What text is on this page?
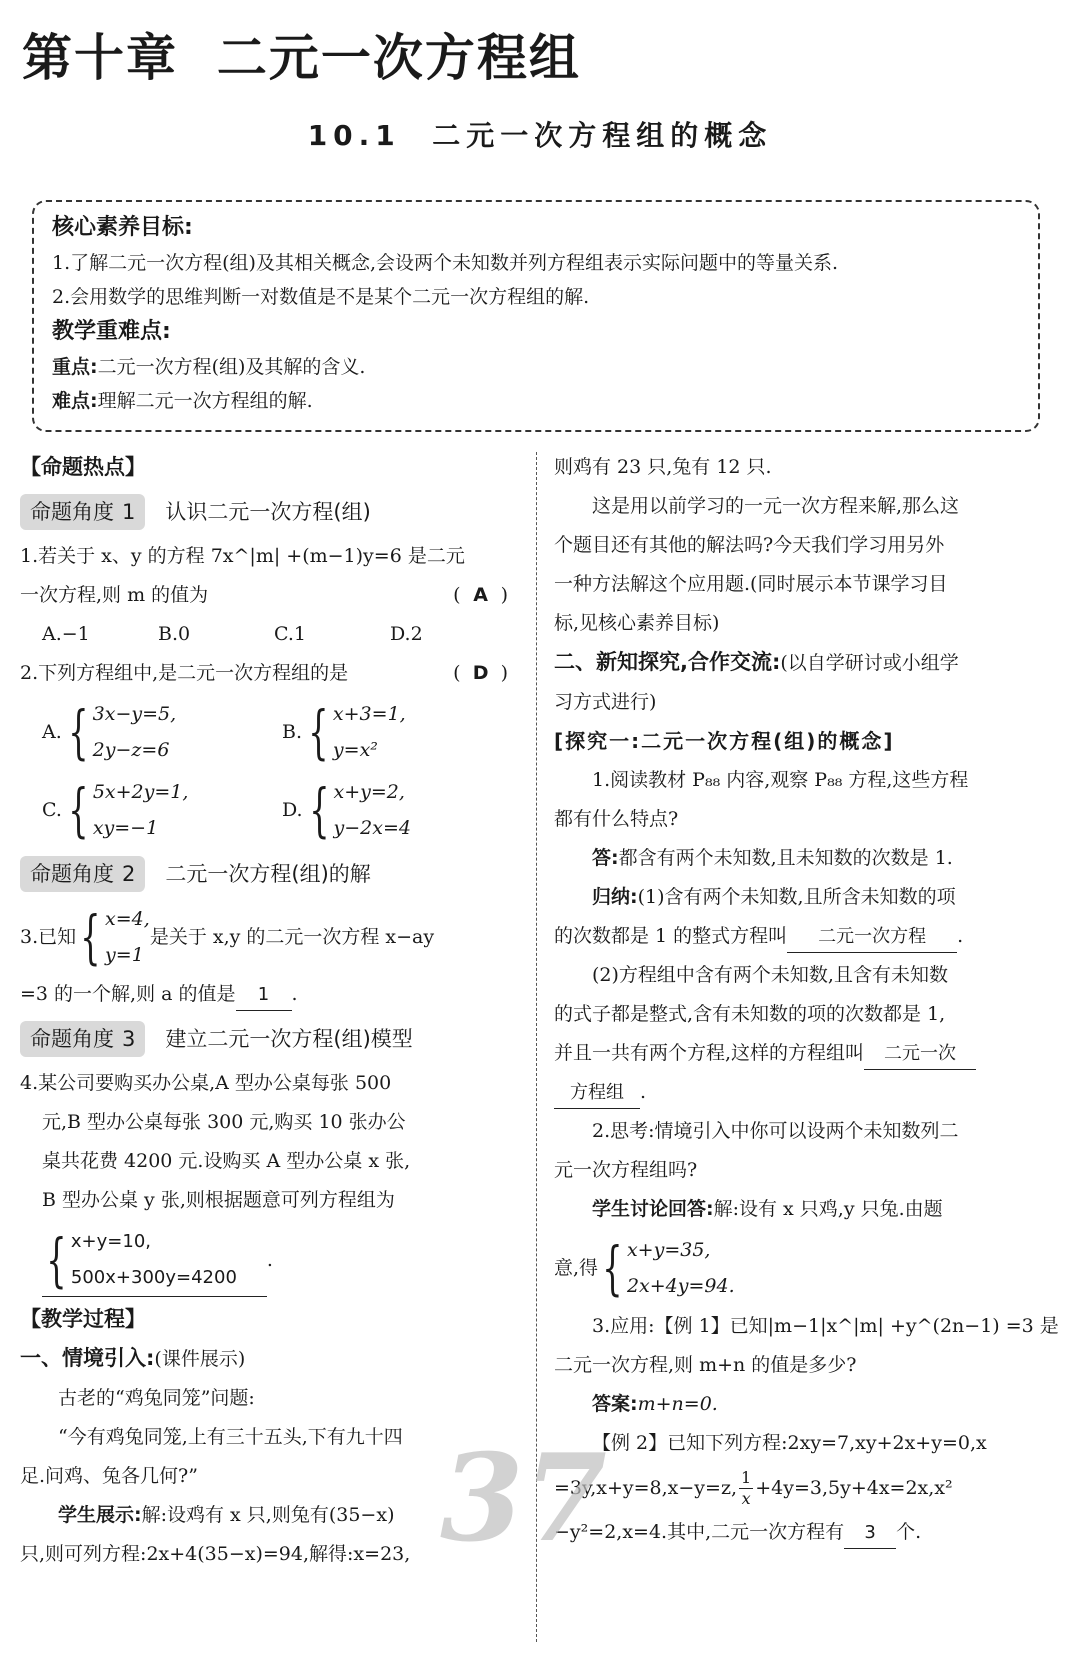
第十章  二元一次方程组
10.1  二元一次方程组的概念
核心素养目标:
1.了解二元一次方程(组)及其相关概念,会设两个未知数并列方程组表示实际问题中的等量关系.
2.会用数学的思维判断一对数值是不是某个二元一次方程组的解.
教学重难点:
重点:二元一次方程(组)及其解的含义.
难点:理解二元一次方程组的解.
【命题热点】
命题角度 1	认识二元一次方程(组)
1.若关于 x、y 的方程 7x^|m| +(m−1)y=6 是二元
一次方程,则 m 的值为	( A )
A.−1	B.0	C.1	D.2
2.下列方程组中,是二元一次方程组的是	( D )
A. { 3x−y=5,
2y−z=6
B. { x+3=1,
y=x²
C. { 5x+2y=1,
xy=−1
D. { x+y=2,
y−2x=4
命题角度 2	二元一次方程(组)的解
3.已知 { x=4,
y=1
是关于 x,y 的二元一次方程 x−ay
=3 的一个解,则 a 的值是 1 .
命题角度 3	建立二元一次方程(组)模型
4.某公司要购买办公桌,A 型办公桌每张 500
元,B 型办公桌每张 300 元,购买 10 张办公
桌共花费 4200 元.设购买 A 型办公桌 x 张,
B 型办公桌 y 张,则根据题意可列方程组为
{ x+y=10,
500x+300y=4200
.
【教学过程】
一、情境引入:(课件展示)
古老的“鸡兔同笼”问题:
“今有鸡兔同笼,上有三十五头,下有九十四
足.问鸡、兔各几何?”
学生展示:解:设鸡有 x 只,则兔有(35−x)
只,则可列方程:2x+4(35−x)=94,解得:x=23,
则鸡有 23 只,兔有 12 只.
这是用以前学习的一元一次方程来解,那么这
个题目还有其他的解法吗?今天我们学习用另外
一种方法解这个应用题.(同时展示本节课学习目
标,见核心素养目标)
二、新知探究,合作交流:(以自学研讨或小组学
习方式进行)
[探究一:二元一次方程(组)的概念]
1.阅读教材 P₈₈ 内容,观察 P₈₈ 方程,这些方程
都有什么特点?
答:都含有两个未知数,且未知数的次数是 1.
归纳:(1)含有两个未知数,且所含未知数的项
的次数都是 1 的整式方程叫 二元一次方程 .
(2)方程组中含有两个未知数,且含有未知数
的式子都是整式,含有未知数的项的次数都是 1,
并且一共有两个方程,这样的方程组叫 二元一次
方程组 .
2.思考:情境引入中你可以设两个未知数列二
元一次方程组吗?
学生讨论回答:解:设有 x 只鸡,y 只兔.由题
意,得 { x+y=35,
2x+4y=94.
3.应用:【例 1】已知|m−1|x^|m| +y^(2n−1) =3 是
二元一次方程,则 m+n 的值是多少?
答案:m+n=0.
【例 2】已知下列方程:2xy=7,xy+2x+y=0,x
=3y,x+y=8,x−y=z, $\frac{1}{x} +4y=3,5y+4x=2x,x^2$
−y²=2,x=4.其中,二元一次方程有 3 个.
37
